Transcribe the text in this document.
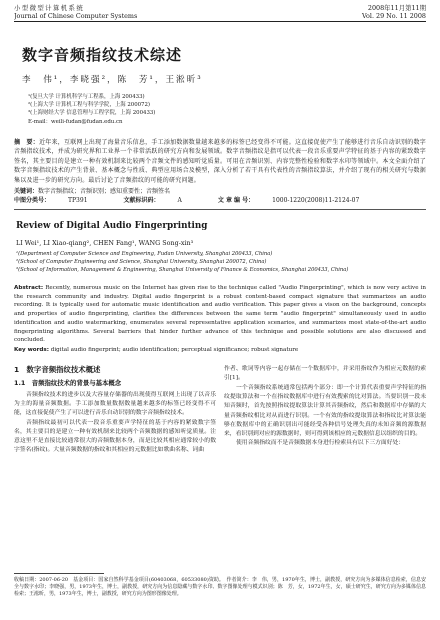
小型微型计算机系统
Journal of Chinese Computer Systems
2008年11月第11期
Vol. 29 No. 11 2008
数字音频指纹技术综述
李　伟¹，李晓强²，陈　芳¹，王淞昕³
¹(复旦大学 计算机科学与工程系，上海 200433)
²(上海大学 计算机工程与科学学院，上海 200072)
³(上海财经大学 信息管理与工程学院，上海 200433)
E-mail：weili-fudan@fudan.edu.cn
摘　要：近年来，互联网上出现了海量音乐信息，手工添加数据数量越来越多的标签已经变得不可能。这直接促使产生了能够进行音乐自动识别的数字音频指纹技术，并成为研究界和工业界一个非常活跃的研究方向和发展领域。数字音频指纹是指可以代表一段音乐重要声学特征的基于内容的紧致数字签名，其主要目的是建立一种有效机制来比较两个音频文件的感知听觉质量。可用在音频识别、内容完整性检验和数字水印等领域中。本文全面介绍了数字音频指纹技术的产生背景、基本概念与性质、典型应用场合及模型，深入分析了若干具有代表性的音频指纹算法，并介绍了现有的相关研究与数据集以及进一步的研究方向。最后讨论了音频指纹的可能的研究问题。
关键词：数字音频指纹；音频识别；感知重要性；音频签名
中图分类号：	TP391	文献标识码：	A	文 章 编 号：	1000-1220(2008)11-2124-07
Review of Digital Audio Fingerprinting
LI Wei¹, LI Xiao-qiang², CHEN Fang¹, WANG Song-xin³
¹(Department of Computer Science and Engineering, Fudan University, Shanghai 200433, China)
²(School of Computer Engineering and Science, Shanghai University, Shanghai 200072, China)
³(School of Information, Management & Engineering, Shanghai University of Finance & Economics, Shanghai 200433, China)
Abstract: Recently, numerous music on the Internet has given rise to the technique called "Audio Fingerprinting", which is now very active in the research community and industry. Digital audio fingerprint is a robust content-based compact signature that summarizes an audio recording. It is typically used for automatic music identification and audio verification. This paper gives a vison on the background, concepts and properties of audio fingerprinting, clarifies the differences between the same term "audio fingerprint" simultaneously used in audio identification and audio watermarking, enumerates several representative application scenarios, and summarizes most state-of-the-art audio fingerprinting algorithms. Several barriers that hinder further advance of this technique and possible solutions are also discussed and concluded.
Key words: digital audio fingerprint; audio identification; perceptual significance; robust signature
1　数字音频指纹技术概述
1.1　音频指纹技术的背景与基本概念

音频指纹技术的进步以及大容量存储器的出现使得互联网上出现了以音乐为主的海量音频数据。手工添加数量数据数量越来越多的标签已经变得不可能，这直接促使产生了可以进行音乐自动识别的数字音频指纹技术。

音频指纹最初可以代表一段音乐重要声学特征的基于内容的紧致数字签名，其主要目的是建立一种有效机制来比较两个音频数据的感知听觉质量。注意这里不是直接比较通常很大的音频数据本身，而是比较其相应通常较小的数字签名(指纹)。大量音频数据的指纹和其相应的元数据比如歌曲名称、词曲

作者、歌词等内容一起存储在一个数据库中，并采用指纹作为相应元数据的索引[1]。

一个音频指纹系统通常包括两个部分：即一个计算代表重要声学特征的指纹提取算法和一个在指纹数据库中进行有效搜索的比对算法。当要识别一段未知音频时，首先按照指纹提取算法计算其音频指纹，然后和数据库中存储的大量音频指纹相比对从而进行识别。一个有效的指纹提取算法和指纹比对算法能够在数据库中的正确识别出可能经受各种信号处理失真的未知音频的源数据来，看识别到对应的源数据时，则可得到该相应的元数据信息以组织的目的。

使用音频指纹而不是音频数据本身进行检索具有以下三方面好处：

收稿日期：2007-06-20　基金项目：国家自然科学基金项目(60403068，60533080)资助。　作者简介：李　伟，男，1970年生，博士，副教授，研究方向为多媒体信息检索，信息安全与数字水印；李晓强，男，1973年生，博士，副教授，研究方向为信息隐藏与数字水印、数字图像处理与模式识别；陈　芳，女，1972年生，女，硕士研究生，研究方向为多媒体信息检索；王淞昕，男，1973年生，博士，副教授，研究方向为图形图像处理。
